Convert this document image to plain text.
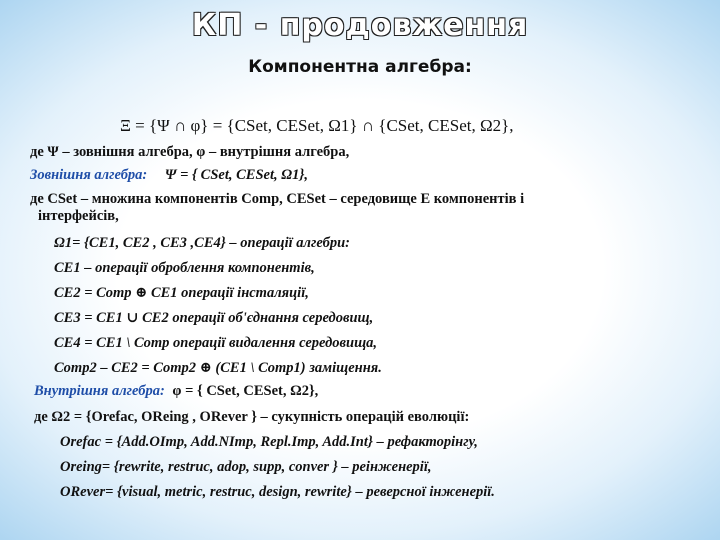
КП - продовження
Компонентна алгебра:
Ξ = {Ψ ∩ φ} = {CSet, CESet, Ω1} ∩ {CSet, CESet, Ω2},
де Ψ – зовнішня алгебра, φ – внутрішня алгебра,
Зовнішня алгебра: Ψ = { CSet, CESet, Ω1},
де CSet – множина компонентів Comp, CESet – середовище E компонентів і
інтерфейсів,
Ω1= {CE1, CE2 , CE3 ,CE4} – операції алгебри:
CE1 – операції оброблення компонентів,
CE2 = Comp ⊕ CE1 операції інсталяції,
CE3 = CE1 ∪ CE2 операції об'єднання середовищ,
CE4 = CE1 \ Comp операції видалення середовища,
Comp2 – CE2 = Comp2 ⊕ (CE1 \ Comp1) заміщення.
Внутрішня алгебра: φ = { CSet, CESet, Ω2},
де Ω2 = {Orefac, OReing , ORever } – сукупність операцій еволюції:
Orefac = {Add.OImp, Add.NImp, Repl.Imp, Add.Int} – рефакторінгу,
Oreing= {rewrite, restruc, adop, supp, conver } – реінженерії,
ORever= {visual, metric, restruc, design, rewrite} – реверсної інженерії.
